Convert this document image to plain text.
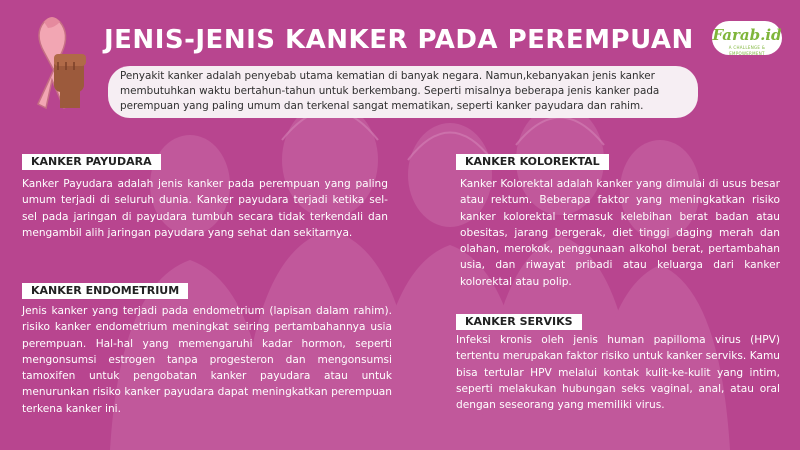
JENIS-JENIS KANKER PADA PEREMPUAN	Farab.id
A CHALLENGE & EMPOWERMENT
Penyakit kanker adalah penyebab utama kematian di banyak negara. Namun,kebanyakan jenis kanker membutuhkan waktu bertahun-tahun untuk berkembang. Seperti misalnya beberapa jenis kanker pada perempuan yang paling umum dan terkenal sangat mematikan, seperti kanker payudara dan rahim.
KANKER PAYUDARA

Kanker Payudara adalah jenis kanker pada perempuan yang paling umum terjadi di seluruh dunia. Kanker payudara terjadi ketika sel-sel pada jaringan di payudara tumbuh secara tidak terkendali dan mengambil alih jaringan payudara yang sehat dan sekitarnya.

KANKER ENDOMETRIUM

Jenis kanker yang terjadi pada endometrium (lapisan dalam rahim). risiko kanker endometrium meningkat seiring pertambahannya usia perempuan. Hal-hal yang memengaruhi kadar hormon, seperti mengonsumsi estrogen tanpa progesteron dan mengonsumsi tamoxifen untuk pengobatan kanker payudara atau untuk menurunkan risiko kanker payudara dapat meningkatkan perempuan terkena kanker ini.

KANKER KOLOREKTAL

Kanker Kolorektal adalah kanker yang dimulai di usus besar atau rektum. Beberapa faktor yang meningkatkan risiko kanker kolorektal termasuk kelebihan berat badan atau obesitas, jarang bergerak, diet tinggi daging merah dan olahan, merokok, penggunaan alkohol berat, pertambahan usia, dan riwayat pribadi atau keluarga dari kanker kolorektal atau polip.

KANKER SERVIKS

Infeksi kronis oleh jenis human papilloma virus (HPV) tertentu merupakan faktor risiko untuk kanker serviks. Kamu bisa tertular HPV melalui kontak kulit-ke-kulit yang intim, seperti melakukan hubungan seks vaginal, anal, atau oral dengan seseorang yang memiliki virus.
